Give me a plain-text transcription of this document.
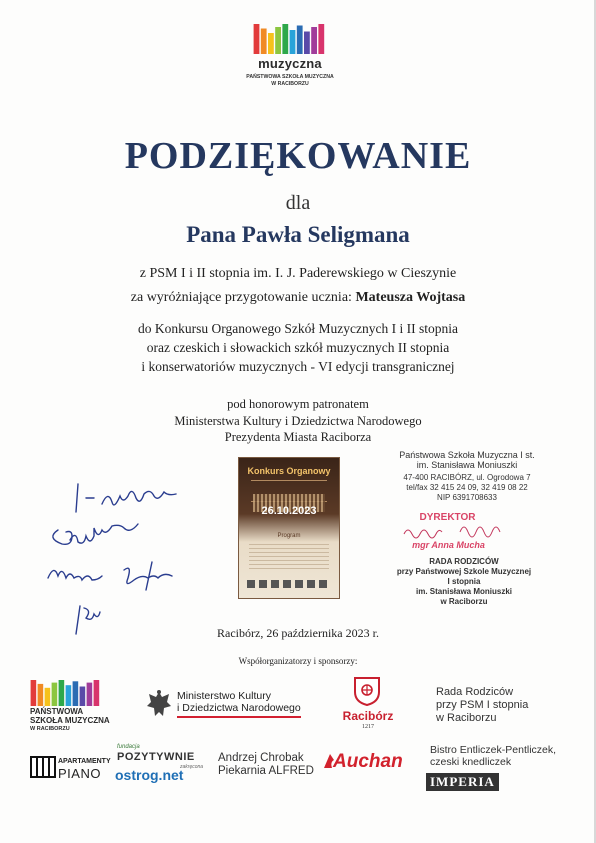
muzyczna
PAŃSTWOWA SZKOŁA MUZYCZNA
W RACIBORZU
PODZIĘKOWANIE
dla
Pana Pawła Seligmana
z PSM I i II stopnia im. I. J. Paderewskiego w Cieszynie
za wyróżniające przygotowanie ucznia: Mateusza Wojtasa
do Konkursu Organowego Szkół Muzycznych I i II stopnia
oraz czeskich i słowackich szkół muzycznych II stopnia
i konserwatoriów muzycznych - VI edycji transgranicznej
pod honorowym patronatem
Ministerstwa Kultury i Dziedzictwa Narodowego
Prezydenta Miasta Raciborza
Konkurs Organowy
26.10.2023
Program
Państwowa Szkoła Muzyczna I st.
im. Stanisława Moniuszki
47-400 RACIBÓRZ, ul. Ogrodowa 7
tel/fax 32 415 24 09, 32 419 08 22
NIP 6391708633
DYREKTOR
mgr Anna Mucha
RADA RODZICÓW
przy Państwowej Szkole Muzycznej
I stopnia
im. Stanisława Moniuszki
w Raciborzu
Racibórz, 26 października 2023 r.
Współorganizatorzy i sponsorzy:
PAŃSTWOWA
SZKOŁA MUZYCZNA
W RACIBORZU
Ministerstwo Kultury
i Dziedzictwa Narodowego
Racibórz
1217
Rada Rodziców
przy PSM I stopnia
w Raciborzu
APARTAMENTY
PIANO
fundacja
POZYTYWNIE
zakręcona
ostrog.net
Andrzej Chrobak
Piekarnia ALFRED Auchan
Bistro Entliczek-Pentliczek,
czeski knedliczek
IMPERIA
